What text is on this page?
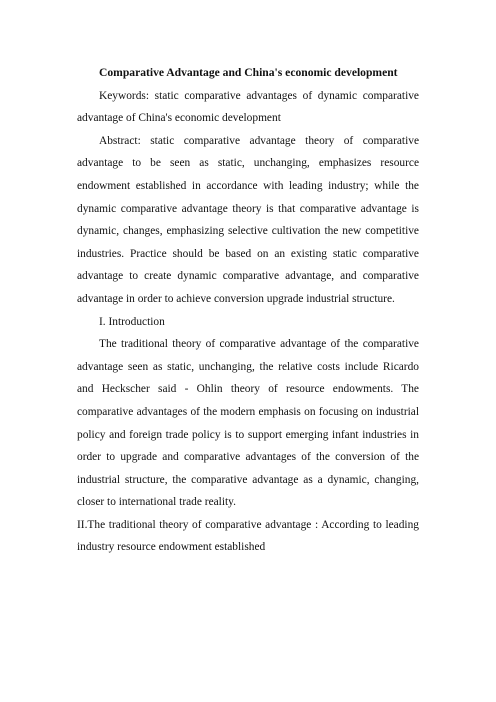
Comparative Advantage and China's economic development

Keywords: static comparative advantages of dynamic comparative advantage of China's economic development

Abstract: static comparative advantage theory of comparative advantage to be seen as static, unchanging, emphasizes resource endowment established in accordance with leading industry; while the dynamic comparative advantage theory is that comparative advantage is dynamic, changes, emphasizing selective cultivation the new competitive industries. Practice should be based on an existing static comparative advantage to create dynamic comparative advantage, and comparative advantage in order to achieve conversion upgrade industrial structure.

I. Introduction

The traditional theory of comparative advantage of the comparative advantage seen as static, unchanging, the relative costs include Ricardo and Heckscher said - Ohlin theory of resource endowments. The comparative advantages of the modern emphasis on focusing on industrial policy and foreign trade policy is to support emerging infant industries in order to upgrade and comparative advantages of the conversion of the industrial structure, the comparative advantage as a dynamic, changing, closer to international trade reality.

II.The traditional theory of comparative advantage : According to leading industry resource endowment established
